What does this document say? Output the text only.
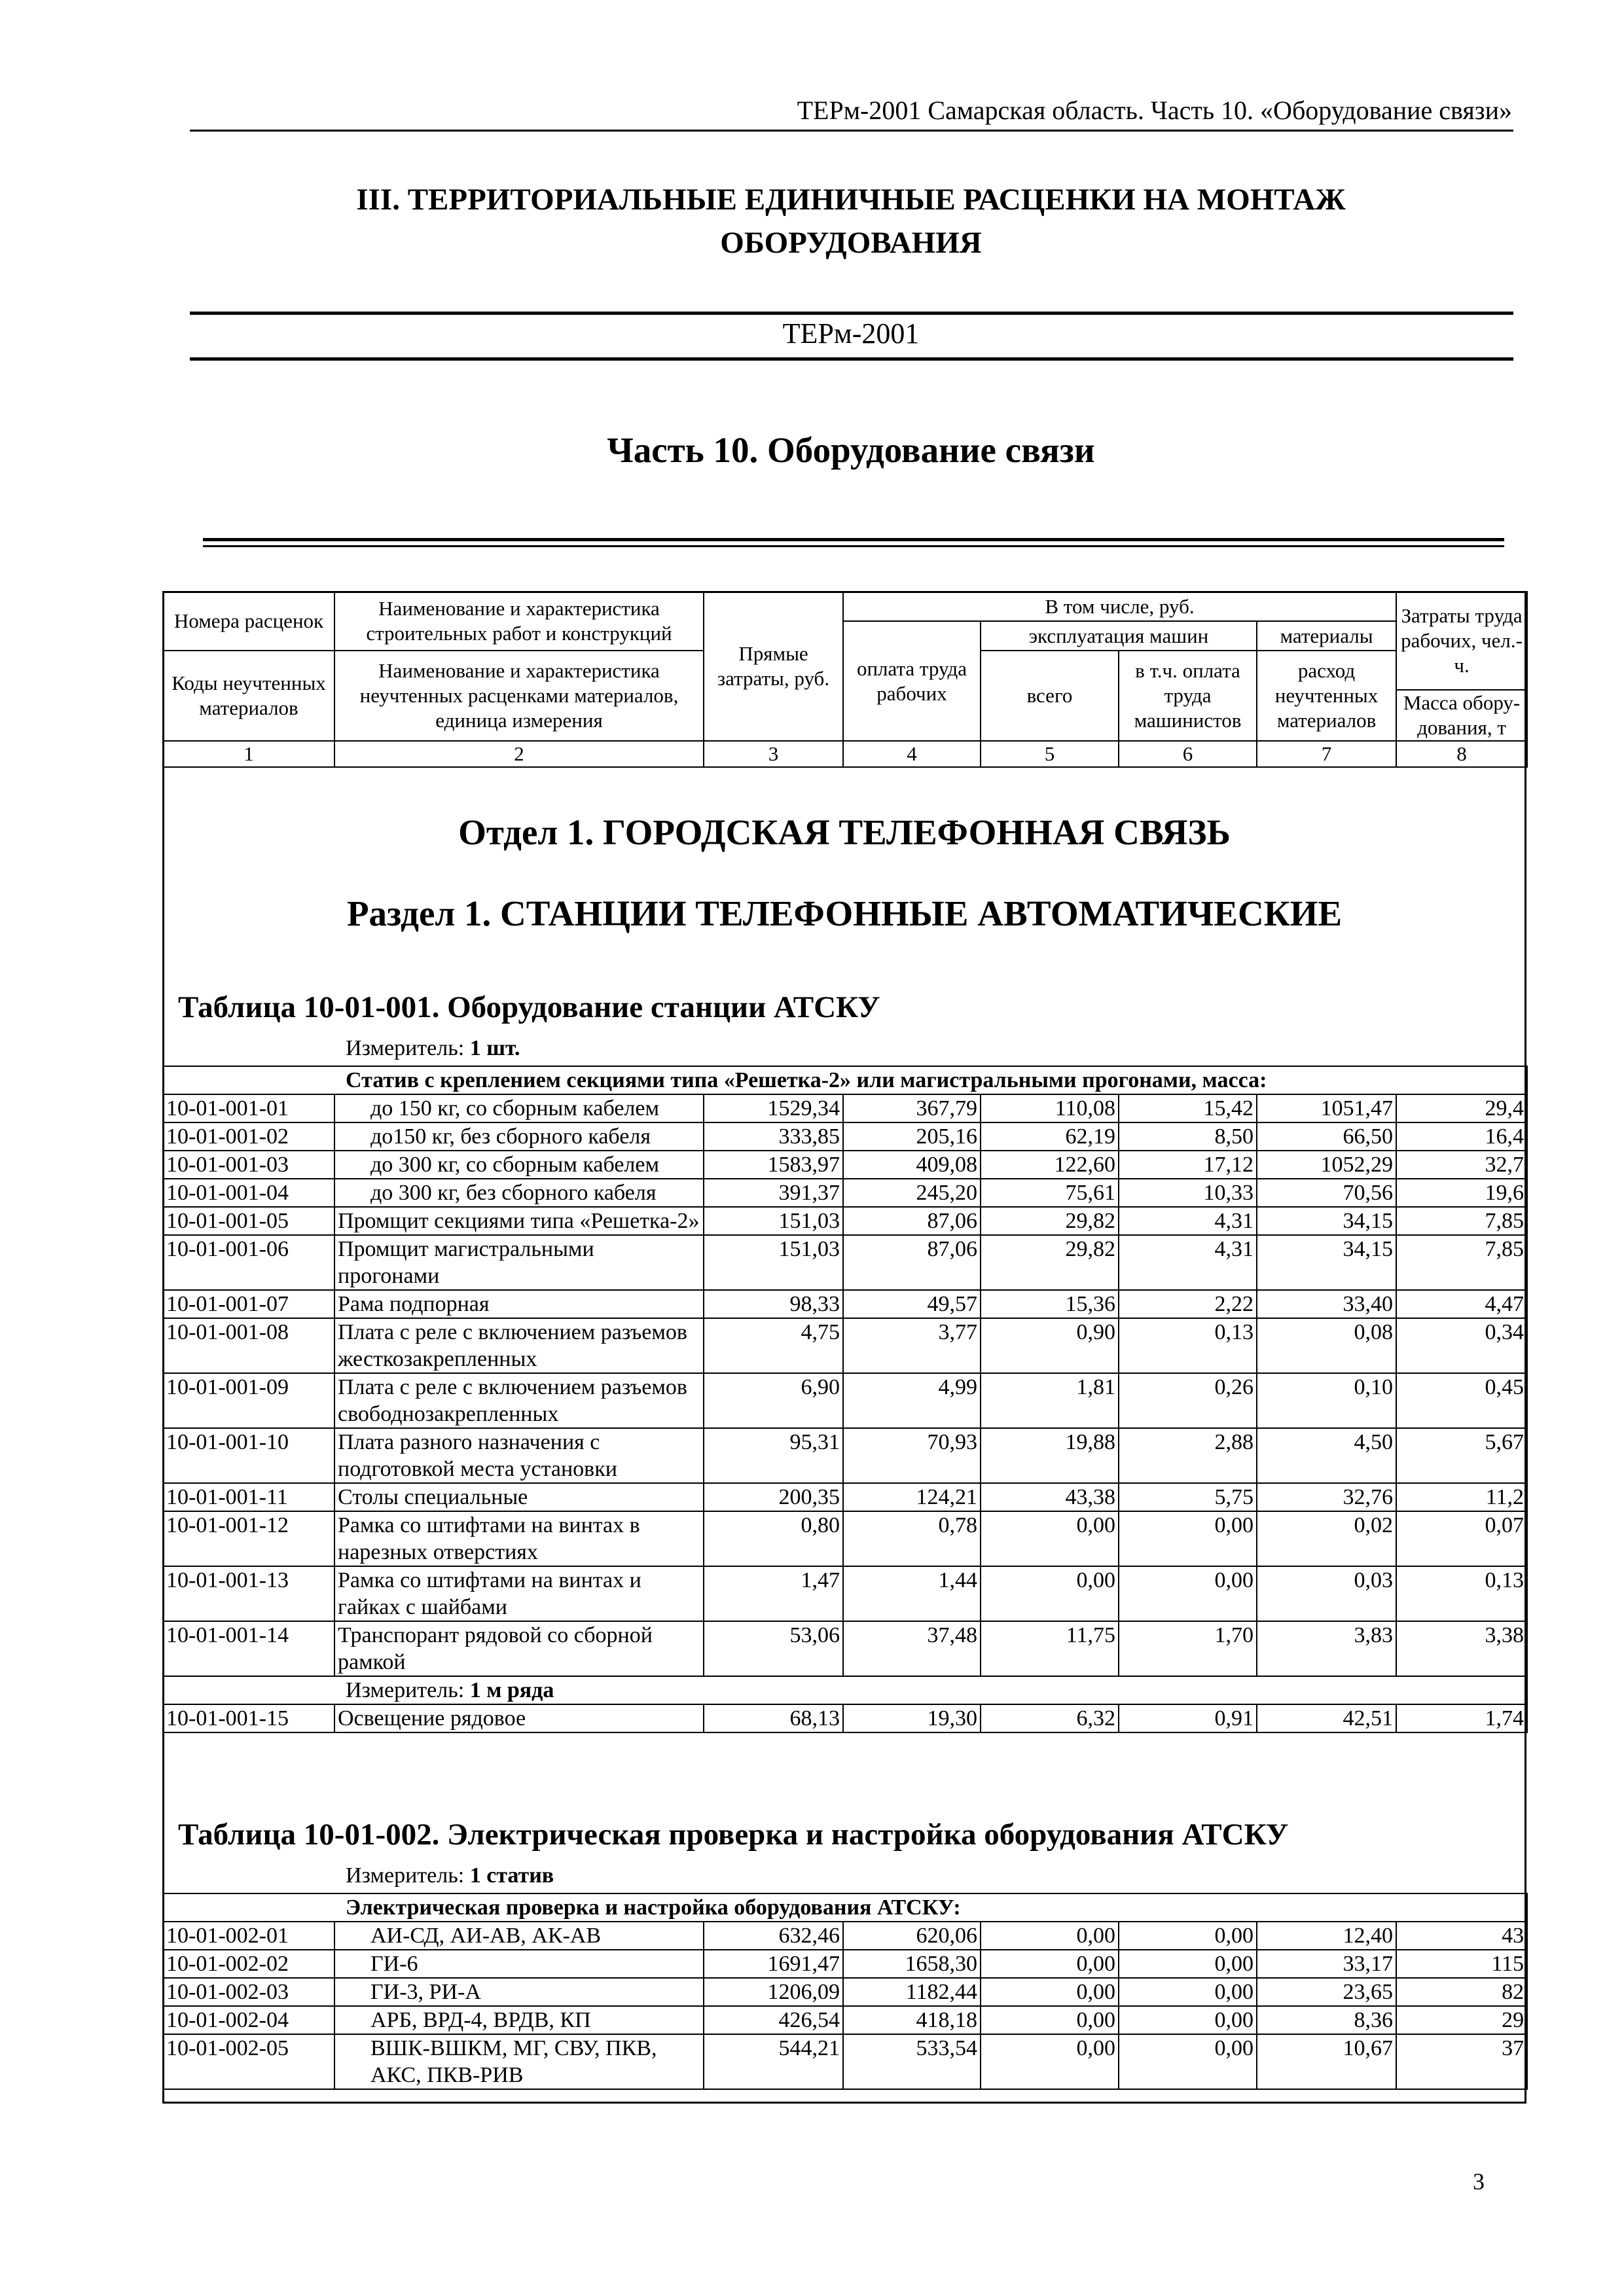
ТЕРм-2001 Самарская область. Часть 10. «Оборудование связи»
III. ТЕРРИТОРИАЛЬНЫЕ ЕДИНИЧНЫЕ РАСЦЕНКИ НА МОНТАЖ
ОБОРУДОВАНИЯ
ТЕРм-2001
Часть 10. Оборудование связи
Номера расценок	Наименование и характеристика строительных работ и конструкций	Прямые затраты, руб.	В том числе, руб.				Затраты труда рабочих, чел.-ч.
			оплата труда рабочих	эксплуатация машин		материалы	
Коды неучтенных материалов	Наименование и характеристика неучтенных расценками материалов, единица измерения			всего	в т.ч. оплата труда машинистов	расход неучтенных материалов	
							Масса обору-дования, т
1	2	3	4	5	6	7	8
Отдел 1. ГОРОДСКАЯ ТЕЛЕФОННАЯ СВЯЗЬ
Раздел 1. СТАНЦИИ ТЕЛЕФОННЫЕ АВТОМАТИЧЕСКИЕ
Таблица 10-01-001. Оборудование станции АТСКУ
Измеритель: 1 шт.
Статив с креплением секциями типа «Решетка-2» или магистральными прогонами, масса:							
10-01-001-01	до 150 кг, со сборным кабелем	1529,34	367,79	110,08	15,42	1051,47	29,4
10-01-001-02	до150 кг, без сборного кабеля	333,85	205,16	62,19	8,50	66,50	16,4
10-01-001-03	до 300 кг, со сборным кабелем	1583,97	409,08	122,60	17,12	1052,29	32,7
10-01-001-04	до 300 кг, без сборного кабеля	391,37	245,20	75,61	10,33	70,56	19,6
10-01-001-05	Промщит секциями типа «Решетка-2»	151,03	87,06	29,82	4,31	34,15	7,85
10-01-001-06	Промщит магистральными прогонами	151,03	87,06	29,82	4,31	34,15	7,85
10-01-001-07	Рама подпорная	98,33	49,57	15,36	2,22	33,40	4,47
10-01-001-08	Плата с реле с включением разъемов жесткозакрепленных	4,75	3,77	0,90	0,13	0,08	0,34
10-01-001-09	Плата с реле с включением разъемов свободнозакрепленных	6,90	4,99	1,81	0,26	0,10	0,45
10-01-001-10	Плата разного назначения с подготовкой места установки	95,31	70,93	19,88	2,88	4,50	5,67
10-01-001-11	Столы специальные	200,35	124,21	43,38	5,75	32,76	11,2
10-01-001-12	Рамка со штифтами на винтах в нарезных отверстиях	0,80	0,78	0,00	0,00	0,02	0,07
10-01-001-13	Рамка со штифтами на винтах и гайках с шайбами	1,47	1,44	0,00	0,00	0,03	0,13
10-01-001-14	Транспорант рядовой со сборной рамкой	53,06	37,48	11,75	1,70	3,83	3,38
Измеритель: 1 м ряда							
10-01-001-15	Освещение рядовое	68,13	19,30	6,32	0,91	42,51	1,74
Таблица 10-01-002. Электрическая проверка и настройка оборудования АТСКУ
Измеритель: 1 статив
Электрическая проверка и настройка оборудования АТСКУ:							
10-01-002-01	АИ-СД, АИ-АВ, АК-АВ	632,46	620,06	0,00	0,00	12,40	43
10-01-002-02	ГИ-6	1691,47	1658,30	0,00	0,00	33,17	115
10-01-002-03	ГИ-3, РИ-А	1206,09	1182,44	0,00	0,00	23,65	82
10-01-002-04	АРБ, ВРД-4, ВРДВ, КП	426,54	418,18	0,00	0,00	8,36	29
10-01-002-05	ВШК-ВШКМ, МГ, СВУ, ПКВ, АКС, ПКВ-РИВ	544,21	533,54	0,00	0,00	10,67	37
3
